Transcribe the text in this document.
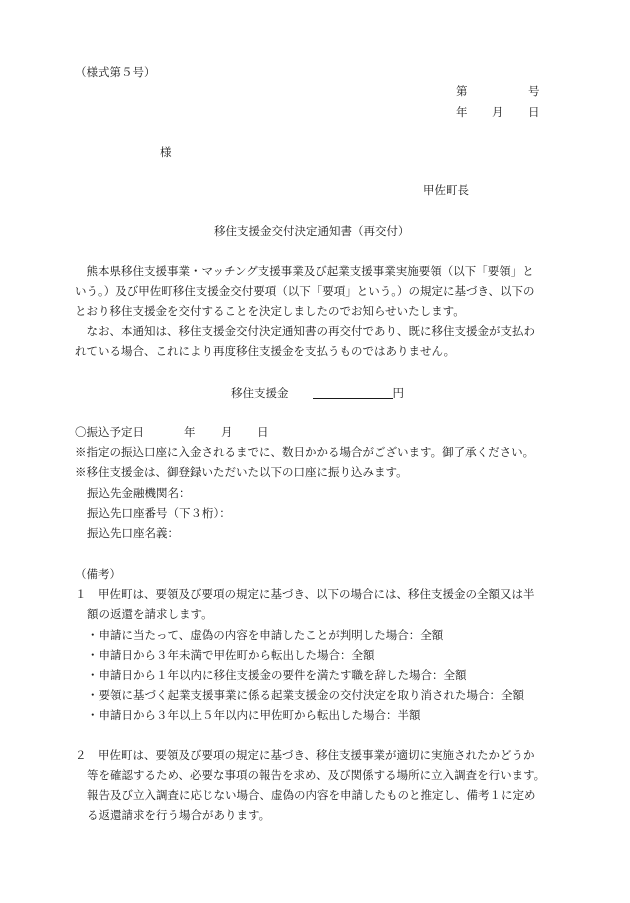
（様式第５号）
第	号
年 月 日
様
甲佐町長
移住支援金交付決定通知書（再交付）
　熊本県移住支援事業・マッチング支援事業及び起業支援事業実施要領（以下「要領」と
いう。）及び甲佐町移住支援金交付要項（以下「要項」という。）の規定に基づき、以下の
とおり移住支援金を交付することを決定しましたのでお知らせいたします。
　なお、本通知は、移住支援金交付決定通知書の再交付であり、既に移住支援金が支払わ
れている場合、これにより再度移住支援金を支払うものではありません。
移住支援金	円
〇振込予定日	年 月 日
※指定の振込口座に入金されるまでに、数日かかる場合がございます。御了承ください。
※移住支援金は、御登録いただいた以下の口座に振り込みます。
振込先金融機関名：
振込先口座番号（下３桁）：
振込先口座名義：
（備考）
１ 甲佐町は、要領及び要項の規定に基づき、以下の場合には、移住支援金の全額又は半
額の返還を請求します。
・申請に当たって、虚偽の内容を申請したことが判明した場合：全額
・申請日から３年未満で甲佐町から転出した場合：全額
・申請日から１年以内に移住支援金の要件を満たす職を辞した場合：全額
・要領に基づく起業支援事業に係る起業支援金の交付決定を取り消された場合：全額
・申請日から３年以上５年以内に甲佐町から転出した場合：半額
２ 甲佐町は、要領及び要項の規定に基づき、移住支援事業が適切に実施されたかどうか
等を確認するため、必要な事項の報告を求め、及び関係する場所に立入調査を行います。
報告及び立入調査に応じない場合、虚偽の内容を申請したものと推定し、備考１に定め
る返還請求を行う場合があります。
